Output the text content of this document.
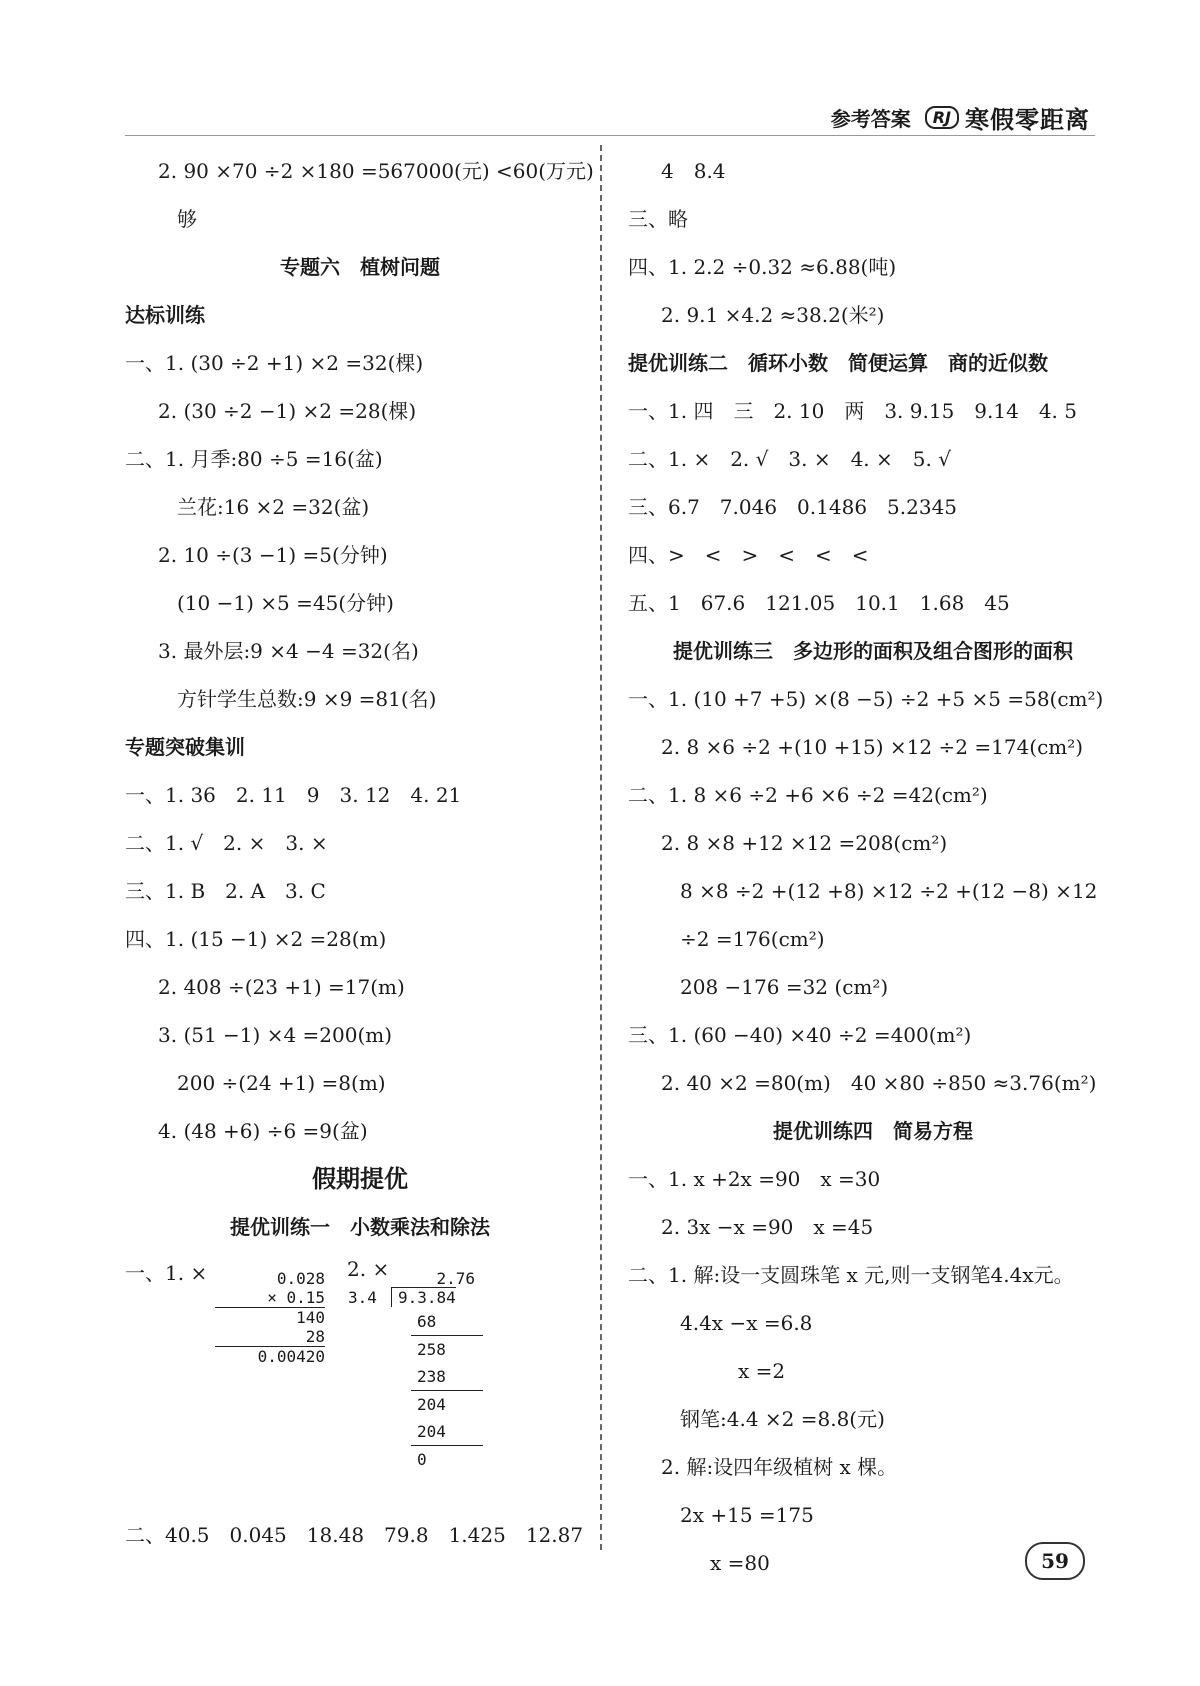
参考答案	RJ 寒假零距离
2. 90 ×70 ÷2 ×180 =567000(元) <60(万元)
够
专题六　植树问题
达标训练
一、1. (30 ÷2 +1) ×2 =32(棵)
2. (30 ÷2 −1) ×2 =28(棵)
二、1. 月季:80 ÷5 =16(盆)
兰花:16 ×2 =32(盆)
2. 10 ÷(3 −1) =5(分钟)
(10 −1) ×5 =45(分钟)
3. 最外层:9 ×4 −4 =32(名)
方针学生总数:9 ×9 =81(名)
专题突破集训
一、1. 36　2. 11　9　3. 12　4. 21
二、1. √　2. ×　3. ×
三、1. B　2. A　3. C
四、1. (15 −1) ×2 =28(m)
2. 408 ÷(23 +1) =17(m)
3. (51 −1) ×4 =200(m)
200 ÷(24 +1) =8(m)
4. (48 +6) ÷6 =9(盆)
假期提优
提优训练一　小数乘法和除法
一、1. ×	0.028
× 0.15
140
28
0.00420
2. ×	2.76
3.4 9.3.84
68
258
238
204
204
0
二、40.5　0.045　18.48　79.8　1.425　12.87
4　8.4
三、略
四、1. 2.2 ÷0.32 ≈6.88(吨)
2. 9.1 ×4.2 ≈38.2(米²)
提优训练二　循环小数　简便运算　商的近似数
一、1. 四　三　2. 10　两　3. 9.15　9.14　4. 5
二、1. ×　2. √　3. ×　4. ×　5. √
三、6.7　7.046　0.1486　5.2345
四、>　<　>　<　<　<
五、1　67.6　121.05　10.1　1.68　45
提优训练三　多边形的面积及组合图形的面积
一、1. (10 +7 +5) ×(8 −5) ÷2 +5 ×5 =58(cm²)
2. 8 ×6 ÷2 +(10 +15) ×12 ÷2 =174(cm²)
二、1. 8 ×6 ÷2 +6 ×6 ÷2 =42(cm²)
2. 8 ×8 +12 ×12 =208(cm²)
8 ×8 ÷2 +(12 +8) ×12 ÷2 +(12 −8) ×12
÷2 =176(cm²)
208 −176 =32 (cm²)
三、1. (60 −40) ×40 ÷2 =400(m²)
2. 40 ×2 =80(m)　40 ×80 ÷850 ≈3.76(m²)
提优训练四　简易方程
一、1. x +2x =90　x =30
2. 3x −x =90　x =45
二、1. 解:设一支圆珠笔 x 元,则一支钢笔4.4x元。
4.4x −x =6.8
x =2
钢笔:4.4 ×2 =8.8(元)
2. 解:设四年级植树 x 棵。
2x +15 =175
x =80	59
